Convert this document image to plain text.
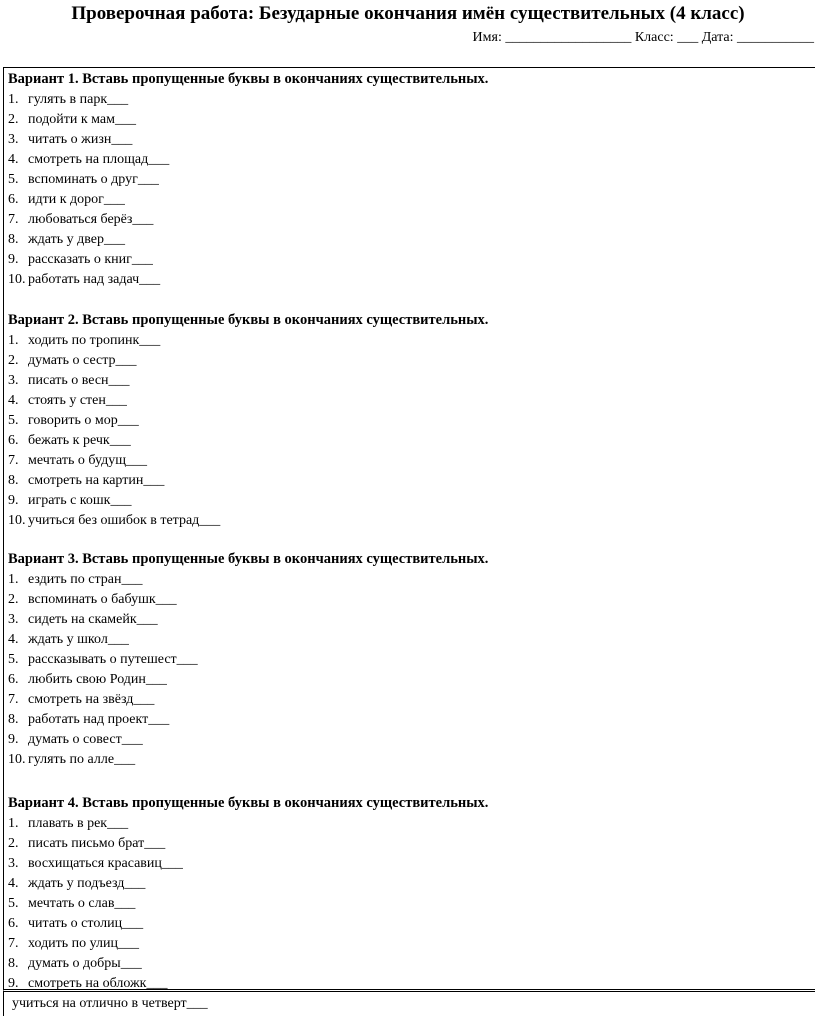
Проверочная работа: Безударные окончания имён существительных (4 класс)
Имя: __________________ Класс: ___ Дата: ___________
Вариант 1. Вставь пропущенные буквы в окончаниях существительных.
1. гулять в парк___
2. подойти к мам___
3. читать о жизн___
4. смотреть на площад___
5. вспоминать о друг___
6. идти к дорог___
7. любоваться берёз___
8. ждать у двер___
9. рассказать о книг___
10. работать над задач___
Вариант 2. Вставь пропущенные буквы в окончаниях существительных.
1. ходить по тропинк___
2. думать о сестр___
3. писать о весн___
4. стоять у стен___
5. говорить о мор___
6. бежать к речк___
7. мечтать о будущ___
8. смотреть на картин___
9. играть с кошк___
10. учиться без ошибок в тетрад___
Вариант 3. Вставь пропущенные буквы в окончаниях существительных.
1. ездить по стран___
2. вспоминать о бабушк___
3. сидеть на скамейк___
4. ждать у школ___
5. рассказывать о путешест___
6. любить свою Родин___
7. смотреть на звёзд___
8. работать над проект___
9. думать о совест___
10. гулять по алле___
Вариант 4. Вставь пропущенные буквы в окончаниях существительных.
1. плавать в рек___
2. писать письмо брат___
3. восхищаться красавиц___
4. ждать у подъезд___
5. мечтать о слав___
6. читать о столиц___
7. ходить по улиц___
8. думать о добры___
9. смотреть на обложк___
учиться на отлично в четверт___
